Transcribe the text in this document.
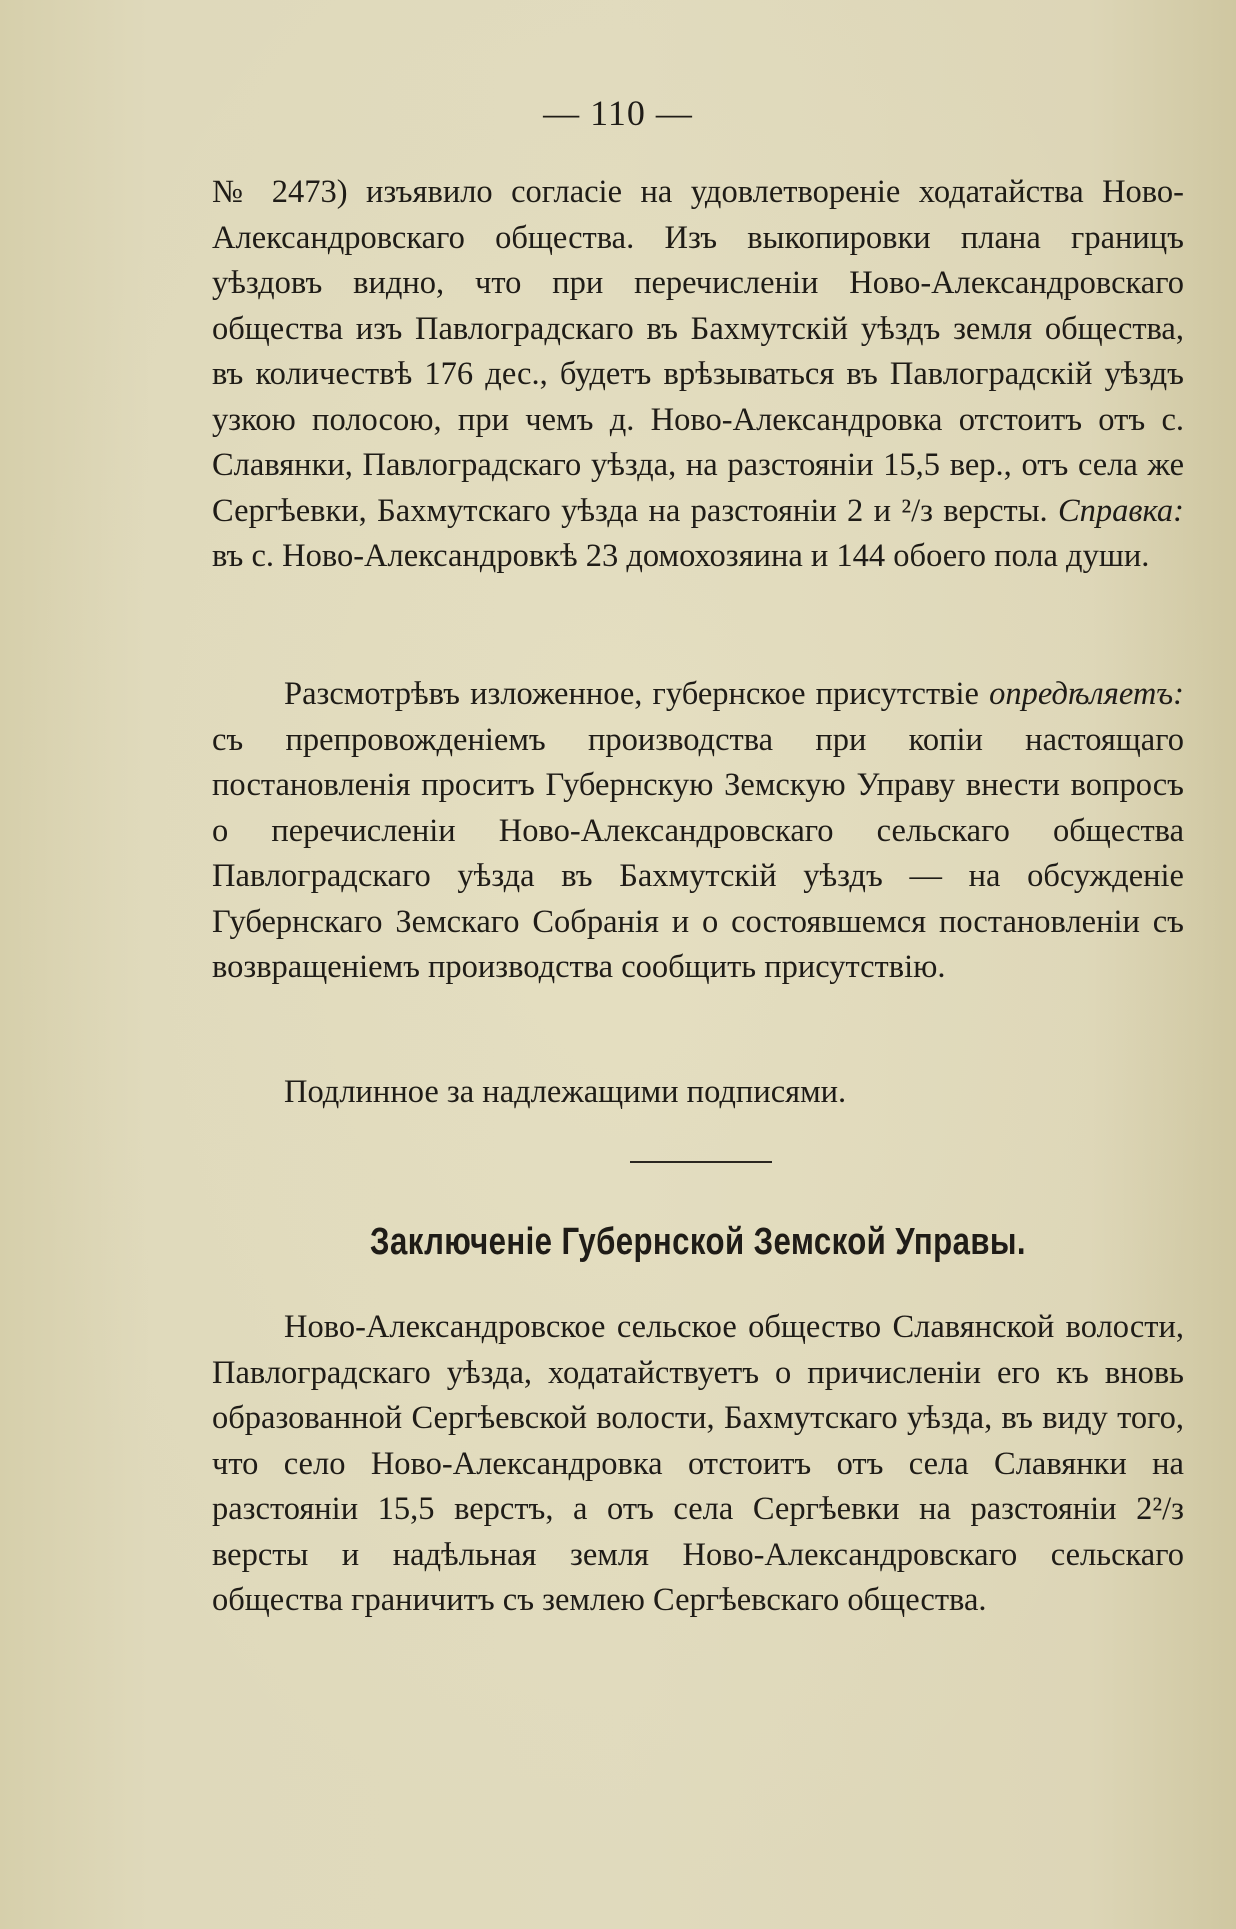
— 110 —

№ 2473) изъявило согласіе на удовлетвореніе ходатайства Ново-Александровскаго общества. Изъ выкопировки плана границъ уѣздовъ видно, что при перечисленіи Ново-Александровскаго общества изъ Павлоградскаго въ Бахмутскій уѣздъ земля общества, въ количествѣ 176 дес., будетъ врѣзываться въ Павлоградскій уѣздъ узкою полосою, при чемъ д. Ново-Александровка отстоитъ отъ с. Славянки, Павлоградскаго уѣзда, на разстояніи 15,5 вер., отъ села же Сергѣевки, Бахмутскаго уѣзда на разстояніи 2 и ²/з версты. Справка: въ с. Ново-Александровкѣ 23 домохозяина и 144 обоего пола души.

Разсмотрѣвъ изложенное, губернское присутствіе опредѣляетъ: съ препровожденіемъ производства при копіи настоящаго постановленія проситъ Губернскую Земскую Управу внести вопросъ о перечисленіи Ново-Александровскаго сельскаго общества Павлоградскаго уѣзда въ Бахмутскій уѣздъ — на обсужденіе Губернскаго Земскаго Собранія и о состоявшемся постановленіи съ возвращеніемъ производства сообщить присутствію.

Подлинное за надлежащими подписями.

Заключеніе Губернской Земской Управы.

Ново-Александровское сельское общество Славянской волости, Павлоградскаго уѣзда, ходатайствуетъ о причисленіи его къ вновь образованной Сергѣевской волости, Бахмутскаго уѣзда, въ виду того, что село Ново-Александровка отстоитъ отъ села Славянки на разстояніи 15,5 верстъ, а отъ села Сергѣевки на разстояніи 2²/з версты и надѣльная земля Ново-Александровскаго сельскаго общества граничитъ съ землею Сергѣевскаго общества.
